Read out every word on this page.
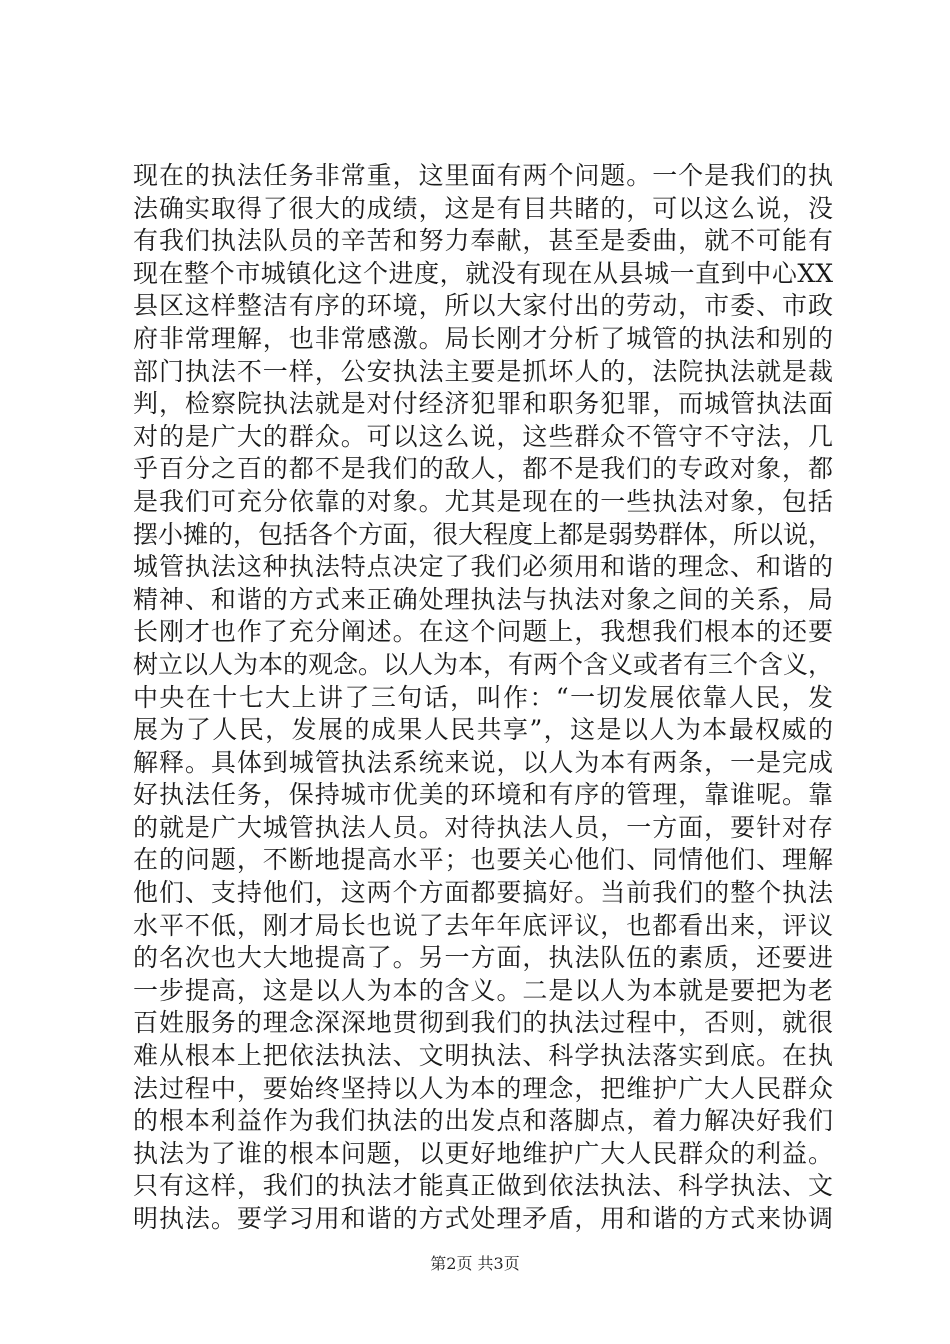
现在的执法任务非常重，这里面有两个问题。一个是我们的执
法确实取得了很大的成绩，这是有目共睹的，可以这么说，没
有我们执法队员的辛苦和努力奉献，甚至是委曲，就不可能有
现在整个市城镇化这个进度，就没有现在从县城一直到中心XX
县区这样整洁有序的环境，所以大家付出的劳动，市委、市政
府非常理解，也非常感激。局长刚才分析了城管的执法和别的
部门执法不一样，公安执法主要是抓坏人的，法院执法就是裁
判，检察院执法就是对付经济犯罪和职务犯罪，而城管执法面
对的是广大的群众。可以这么说，这些群众不管守不守法，几
乎百分之百的都不是我们的敌人，都不是我们的专政对象，都
是我们可充分依靠的对象。尤其是现在的一些执法对象，包括
摆小摊的，包括各个方面，很大程度上都是弱势群体，所以说，
城管执法这种执法特点决定了我们必须用和谐的理念、和谐的
精神、和谐的方式来正确处理执法与执法对象之间的关系，局
长刚才也作了充分阐述。在这个问题上，我想我们根本的还要
树立以人为本的观念。以人为本，有两个含义或者有三个含义，
中央在十七大上讲了三句话，叫作：“一切发展依靠人民，发
展为了人民，发展的成果人民共享”，这是以人为本最权威的
解释。具体到城管执法系统来说，以人为本有两条，一是完成
好执法任务，保持城市优美的环境和有序的管理，靠谁呢。靠
的就是广大城管执法人员。对待执法人员，一方面，要针对存
在的问题，不断地提高水平；也要关心他们、同情他们、理解
他们、支持他们，这两个方面都要搞好。当前我们的整个执法
水平不低，刚才局长也说了去年年底评议，也都看出来，评议
的名次也大大地提高了。另一方面，执法队伍的素质，还要进
一步提高，这是以人为本的含义。二是以人为本就是要把为老
百姓服务的理念深深地贯彻到我们的执法过程中，否则，就很
难从根本上把依法执法、文明执法、科学执法落实到底。在执
法过程中，要始终坚持以人为本的理念，把维护广大人民群众
的根本利益作为我们执法的出发点和落脚点，着力解决好我们
执法为了谁的根本问题，以更好地维护广大人民群众的利益。
只有这样，我们的执法才能真正做到依法执法、科学执法、文
明执法。要学习用和谐的方式处理矛盾，用和谐的方式来协调
第2页 共3页
